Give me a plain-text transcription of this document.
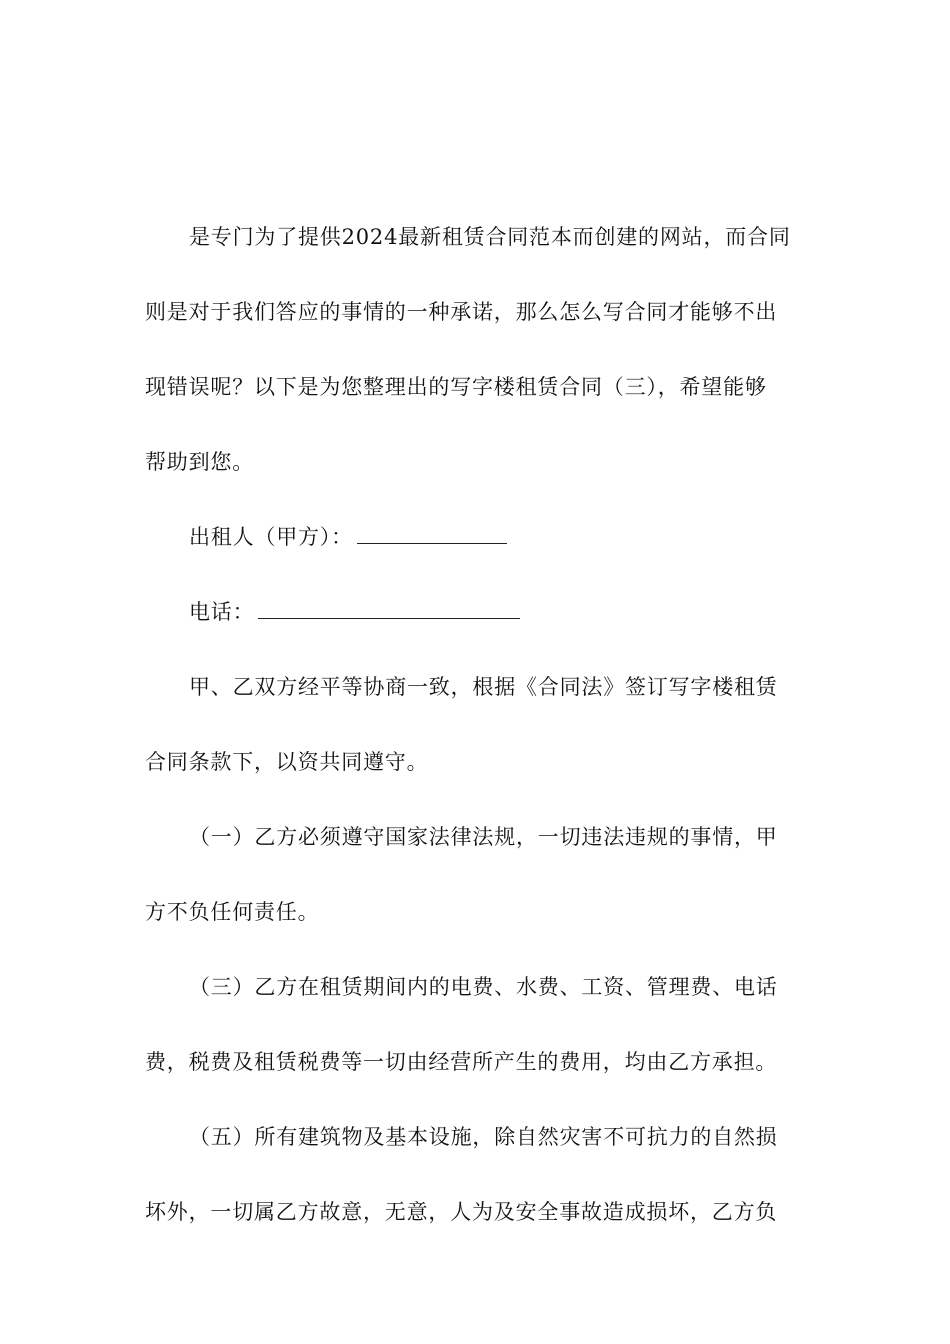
是专门为了提供2024最新租赁合同范本而创建的网站，而合同
则是对于我们答应的事情的一种承诺，那么怎么写合同才能够不出
现错误呢？以下是为您整理出的写字楼租赁合同（三），希望能够
帮助到您。
出租人（甲方）：
电话：
甲、乙双方经平等协商一致，根据《合同法》签订写字楼租赁
合同条款下，以资共同遵守。
（一）乙方必须遵守国家法律法规，一切违法违规的事情，甲
方不负任何责任。
（三）乙方在租赁期间内的电费、水费、工资、管理费、电话
费，税费及租赁税费等一切由经营所产生的费用，均由乙方承担。
（五）所有建筑物及基本设施，除自然灾害不可抗力的自然损
坏外，一切属乙方故意，无意，人为及安全事故造成损坏，乙方负
